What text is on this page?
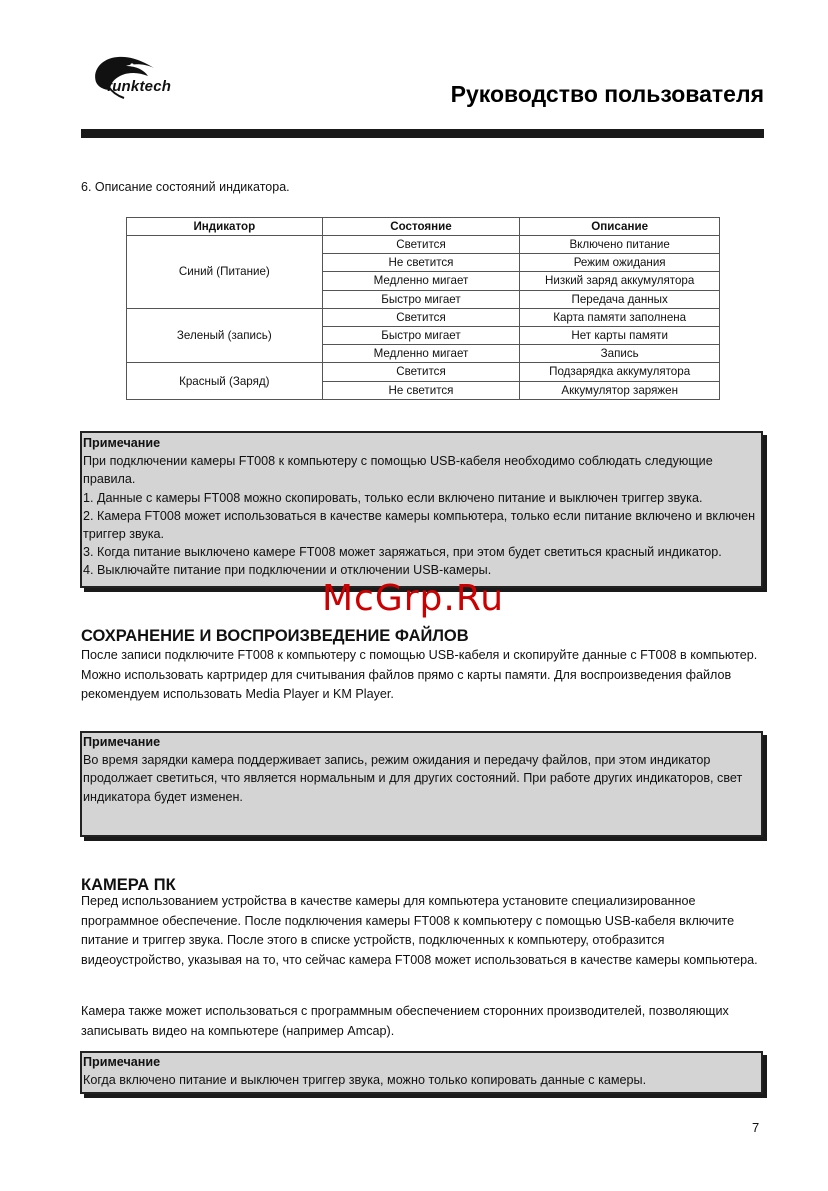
funktech	Руководство пользователя
6. Описание состояний индикатора.
Индикатор	Состояние	Описание
Синий (Питание)	Светится	Включено питание
	Не светится	Режим ожидания
	Медленно мигает	Низкий заряд аккумулятора
	Быстро мигает	Передача данных
Зеленый (запись)	Светится	Карта памяти заполнена
	Быстро мигает	Нет карты памяти
	Медленно мигает	Запись
Красный (Заряд)	Светится	Подзарядка аккумулятора
	Не светится	Аккумулятор заряжен
Примечание

При подключении камеры FT008 к компьютеру с помощью USB-кабеля необходимо соблюдать следующие правила.

1. Данные с камеры FT008 можно скопировать, только если включено питание и выключен триггер звука.

2. Камера FT008 может использоваться в качестве камеры компьютера, только если питание включено и включен триггер звука.

3. Когда питание выключено камере FT008 может заряжаться, при этом будет светиться красный индикатор.

4. Выключайте питание при подключении и отключении USB-камеры.

McGrp.Ru
СОХРАНЕНИЕ И ВОСПРОИЗВЕДЕНИЕ ФАЙЛОВ

После записи подключите FT008 к компьютеру с помощью USB-кабеля и скопируйте данные с FT008 в компьютер. Можно использовать картридер для считывания файлов прямо с карты памяти. Для воспроизведения файлов рекомендуем использовать Media Player и KM Player.

Примечание

Во время зарядки камера поддерживает запись, режим ожидания и передачу файлов, при этом индикатор продолжает светиться, что является нормальным и для других состояний. При работе других индикаторов, свет индикатора будет изменен.

КАМЕРА ПК

Перед использованием устройства в качестве камеры для компьютера установите специализированное программное обеспечение. После подключения камеры FT008 к компьютеру с помощью USB-кабеля включите питание и триггер звука. После этого в списке устройств, подключенных к компьютеру, отобразится видеоустройство, указывая на то, что сейчас камера FT008 может использоваться в качестве камеры компьютера.

Камера также может использоваться с программным обеспечением сторонних производителей, позволяющих записывать видео на компьютере (например Amcap).

Примечание

Когда включено питание и выключен триггер звука, можно только копировать данные с камеры.

7
